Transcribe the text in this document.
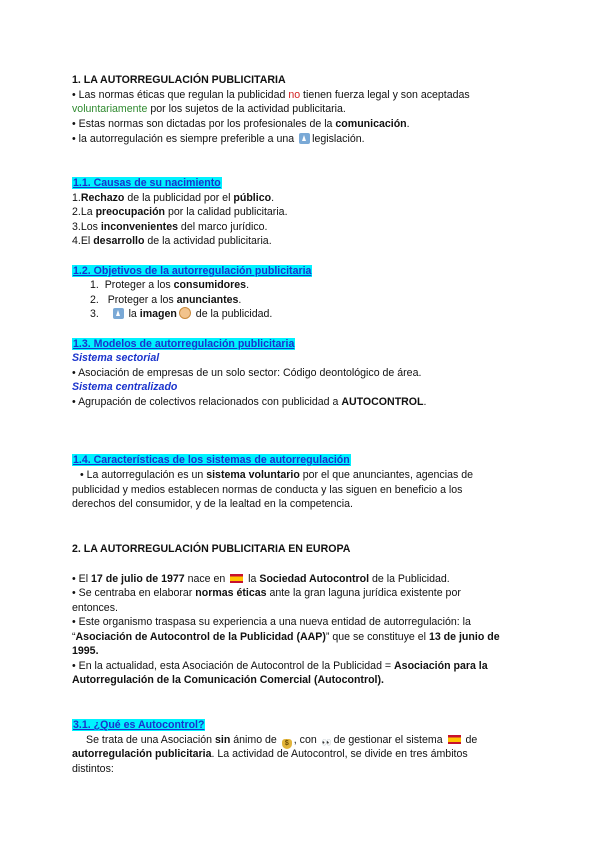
1. LA AUTORREGULACIÓN PUBLICITARIA
• Las normas éticas que regulan la publicidad no tienen fuerza legal y son aceptadas
voluntariamente por los sujetos de la actividad publicitaria.
• Estas normas son dictadas por los profesionales de la comunicación.
• la autorregulación es siempre preferible a una legislación.
1.1. Causas de su nacimiento
1.Rechazo de la publicidad por el público.
2.La preocupación por la calidad publicitaria.
3.Los inconvenientes del marco jurídico.
4.El desarrollo de la actividad publicitaria.
1.2. Objetivos de la autorregulación publicitaria
1. Proteger a los consumidores.
2. Proteger a los anunciantes.
3.	la imagen de la publicidad.
1.3. Modelos de autorregulación publicitaria
Sistema sectorial
• Asociación de empresas de un solo sector: Código deontológico de área.
Sistema centralizado
• Agrupación de colectivos relacionados con publicidad a AUTOCONTROL.
1.4. Características de los sistemas de autorregulación
• La autorregulación es un sistema voluntario por el que anunciantes, agencias de
publicidad y medios establecen normas de conducta y las siguen en beneficio a los
derechos del consumidor, y de la lealtad en la competencia.
2. LA AUTORREGULACIÓN PUBLICITARIA EN EUROPA
• El 17 de julio de 1977 nace en  la Sociedad Autocontrol de la Publicidad.
• Se centraba en elaborar normas éticas ante la gran laguna jurídica existente por
entonces.
• Este organismo traspasa su experiencia a una nueva entidad de autorregulación: la
“Asociación de Autocontrol de la Publicidad (AAP)” que se constituye el 13 de junio de
1995.
• En la actualidad, esta Asociación de Autocontrol de la Publicidad = Asociación para la
Autorregulación de la Comunicación Comercial (Autocontrol).
3.1. ¿Qué es Autocontrol?
Se trata de una Asociación sin ánimo de $ , con 👀 de gestionar el sistema  de
autorregulación publicitaria. La actividad de Autocontrol, se divide en tres ámbitos
distintos:
